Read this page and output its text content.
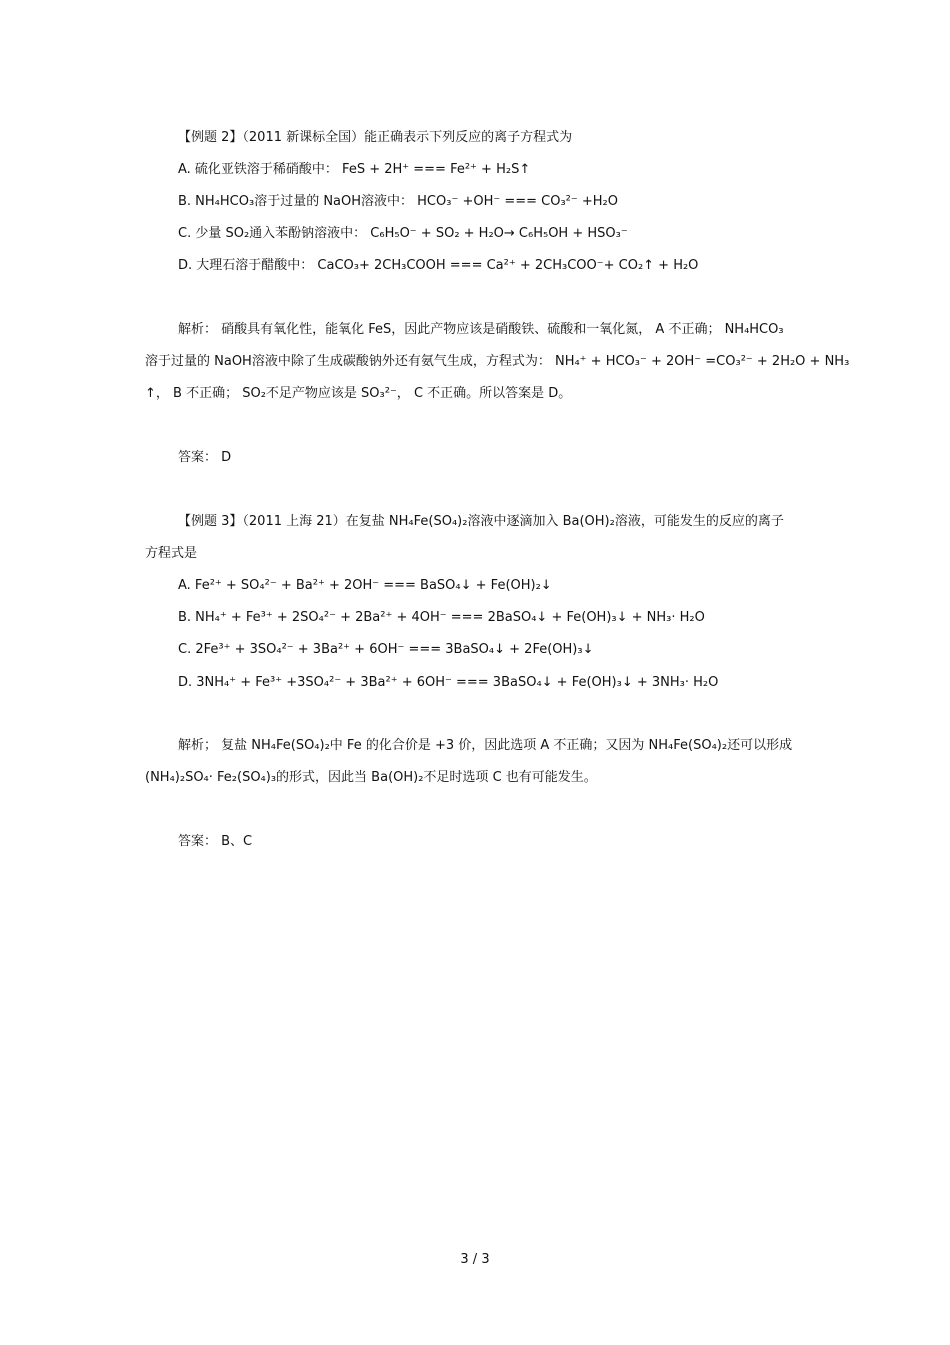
【例题 2】（2011 新课标全国）能正确表示下列反应的离子方程式为
A. 硫化亚铁溶于稀硝酸中： FeS + 2H⁺ === Fe²⁺ + H₂S↑
B. NH₄HCO₃溶于过量的 NaOH溶液中： HCO₃⁻ +OH⁻ === CO₃²⁻ +H₂O
C. 少量 SO₂通入苯酚钠溶液中： C₆H₅O⁻ + SO₂ + H₂O→ C₆H₅OH + HSO₃⁻
D. 大理石溶于醋酸中： CaCO₃+ 2CH₃COOH === Ca²⁺ + 2CH₃COO⁻+ CO₂↑ + H₂O
解析： 硝酸具有氧化性，能氧化 FeS，因此产物应该是硝酸铁、硫酸和一氧化氮， A 不正确； NH₄HCO₃
溶于过量的 NaOH溶液中除了生成碳酸钠外还有氨气生成，方程式为： NH₄⁺ + HCO₃⁻ + 2OH⁻ =CO₃²⁻ + 2H₂O + NH₃
↑， B 不正确； SO₂不足产物应该是 SO₃²⁻， C 不正确。所以答案是 D。
答案： D
【例题 3】（2011 上海 21）在复盐 NH₄Fe(SO₄)₂溶液中逐滴加入 Ba(OH)₂溶液，可能发生的反应的离子
方程式是
A. Fe²⁺ + SO₄²⁻ + Ba²⁺ + 2OH⁻ === BaSO₄↓ + Fe(OH)₂↓
B. NH₄⁺ + Fe³⁺ + 2SO₄²⁻ + 2Ba²⁺ + 4OH⁻ === 2BaSO₄↓ + Fe(OH)₃↓ + NH₃· H₂O
C. 2Fe³⁺ + 3SO₄²⁻ + 3Ba²⁺ + 6OH⁻ === 3BaSO₄↓ + 2Fe(OH)₃↓
D. 3NH₄⁺ + Fe³⁺ +3SO₄²⁻ + 3Ba²⁺ + 6OH⁻ === 3BaSO₄↓ + Fe(OH)₃↓ + 3NH₃· H₂O
解析； 复盐 NH₄Fe(SO₄)₂中 Fe 的化合价是 +3 价，因此选项 A 不正确；又因为 NH₄Fe(SO₄)₂还可以形成
(NH₄)₂SO₄· Fe₂(SO₄)₃的形式，因此当 Ba(OH)₂不足时选项 C 也有可能发生。
答案： B、C
3 / 3
